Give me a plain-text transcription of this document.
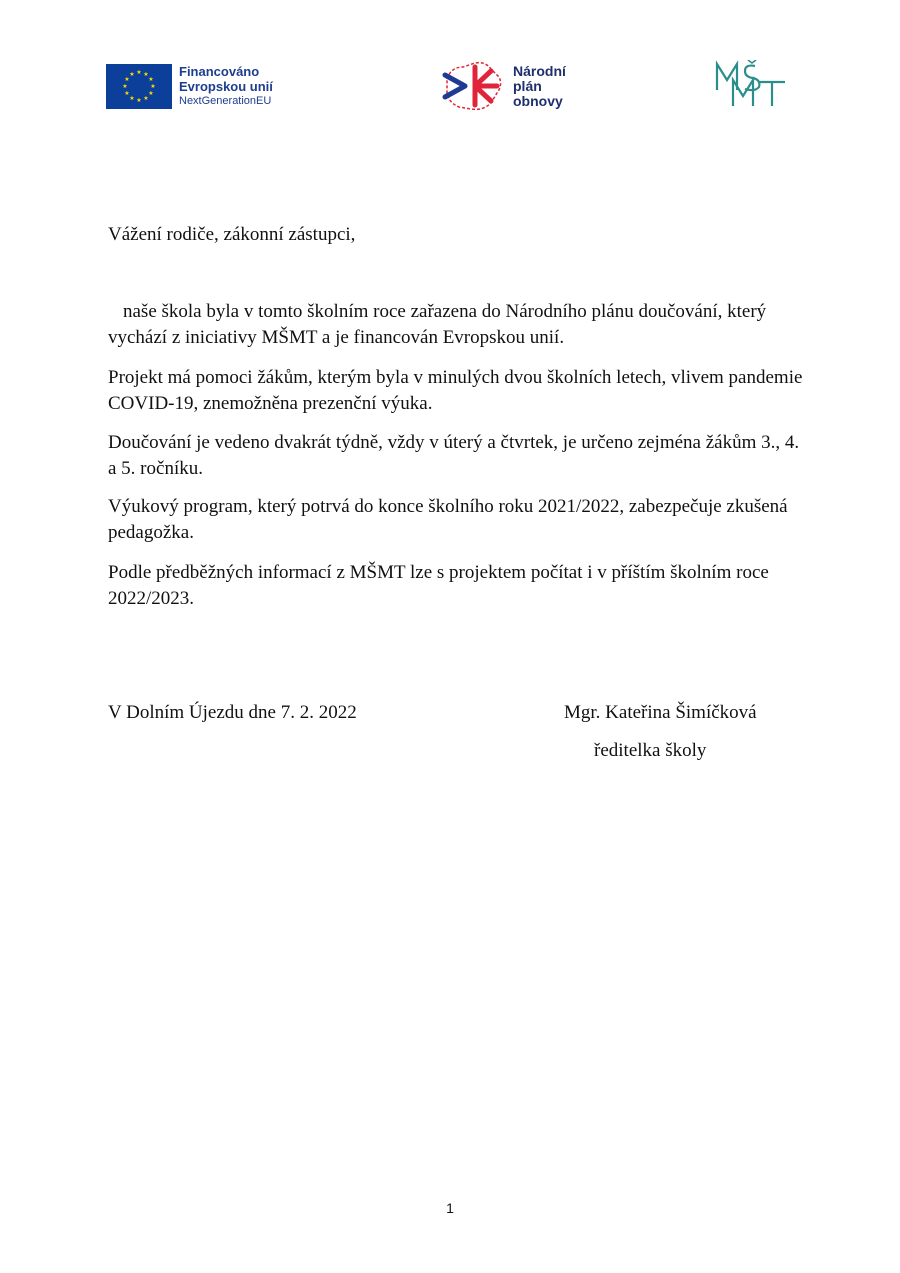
★ ★
★
★
★
★
★
★
★
★
★
★	Financováno
Evropskou unií
NextGenerationEU
Národní
plán
obnovy
Vážení rodiče, zákonní zástupci,

naše škola byla v tomto školním roce zařazena do Národního plánu doučování, který vychází z iniciativy MŠMT a je financován Evropskou unií.

Projekt má pomoci žákům, kterým byla v minulých dvou školních letech, vlivem pandemie COVID-19, znemožněna prezenční výuka.

Doučování je vedeno dvakrát týdně, vždy v úterý a čtvrtek, je určeno zejména žákům 3., 4. a 5. ročníku.

Výukový program, který potrvá do konce školního roku 2021/2022, zabezpečuje zkušená pedagožka.

Podle předběžných informací z MŠMT lze s projektem počítat i v příštím školním roce 2022/2023.

V Dolním Újezdu dne 7. 2. 2022	Mgr. Kateřina Šimíčková
ředitelka školy
1
